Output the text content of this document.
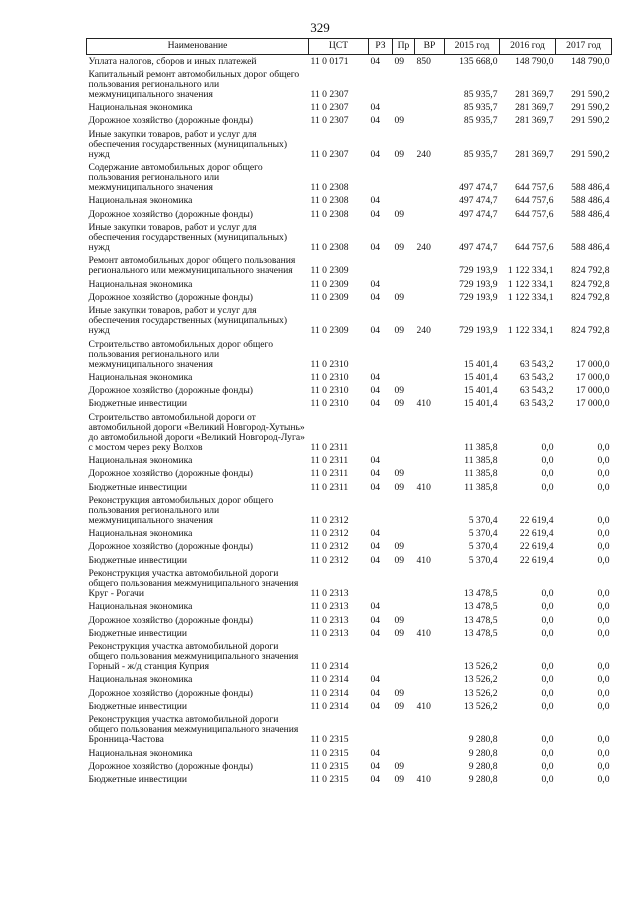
329
Наименование	ЦСТ	РЗ	Пр	ВР	2015 год	2016 год	2017 год
Уплата налогов, сборов и иных платежей	11 0 0171	04	09	850	135 668,0	148 790,0	148 790,0
Капитальный ремонт автомобильных дорог общего пользования регионального или межмуниципального значения	11 0 2307				85 935,7	281 369,7	291 590,2
Национальная экономика	11 0 2307	04			85 935,7	281 369,7	291 590,2
Дорожное хозяйство (дорожные фонды)	11 0 2307	04	09		85 935,7	281 369,7	291 590,2
Иные закупки товаров, работ и услуг для обеспечения государственных (муниципальных) нужд	11 0 2307	04	09	240	85 935,7	281 369,7	291 590,2
Содержание автомобильных дорог общего пользования регионального или межмуниципального значения	11 0 2308				497 474,7	644 757,6	588 486,4
Национальная экономика	11 0 2308	04			497 474,7	644 757,6	588 486,4
Дорожное хозяйство (дорожные фонды)	11 0 2308	04	09		497 474,7	644 757,6	588 486,4
Иные закупки товаров, работ и услуг для обеспечения государственных (муниципальных) нужд	11 0 2308	04	09	240	497 474,7	644 757,6	588 486,4
Ремонт автомобильных дорог общего пользования регионального или межмуниципального значения	11 0 2309				729 193,9	1 122 334,1	824 792,8
Национальная экономика	11 0 2309	04			729 193,9	1 122 334,1	824 792,8
Дорожное хозяйство (дорожные фонды)	11 0 2309	04	09		729 193,9	1 122 334,1	824 792,8
Иные закупки товаров, работ и услуг для обеспечения государственных (муниципальных) нужд	11 0 2309	04	09	240	729 193,9	1 122 334,1	824 792,8
Строительство автомобильных дорог общего пользования регионального или межмуниципального значения	11 0 2310				15 401,4	63 543,2	17 000,0
Национальная экономика	11 0 2310	04			15 401,4	63 543,2	17 000,0
Дорожное хозяйство (дорожные фонды)	11 0 2310	04	09		15 401,4	63 543,2	17 000,0
Бюджетные инвестиции	11 0 2310	04	09	410	15 401,4	63 543,2	17 000,0
Строительство автомобильной дороги от автомобильной дороги «Великий Новгород-Хутынь» до автомобильной дороги «Великий Новгород-Луга» с мостом через реку Волхов	11 0 2311				11 385,8	0,0	0,0
Национальная экономика	11 0 2311	04			11 385,8	0,0	0,0
Дорожное хозяйство (дорожные фонды)	11 0 2311	04	09		11 385,8	0,0	0,0
Бюджетные инвестиции	11 0 2311	04	09	410	11 385,8	0,0	0,0
Реконструкция автомобильных дорог общего пользования регионального или межмуниципального значения	11 0 2312				5 370,4	22 619,4	0,0
Национальная экономика	11 0 2312	04			5 370,4	22 619,4	0,0
Дорожное хозяйство (дорожные фонды)	11 0 2312	04	09		5 370,4	22 619,4	0,0
Бюджетные инвестиции	11 0 2312	04	09	410	5 370,4	22 619,4	0,0
Реконструкция участка автомобильной дороги общего пользования межмуниципального значения Круг - Рогачи	11 0 2313				13 478,5	0,0	0,0
Национальная экономика	11 0 2313	04			13 478,5	0,0	0,0
Дорожное хозяйство (дорожные фонды)	11 0 2313	04	09		13 478,5	0,0	0,0
Бюджетные инвестиции	11 0 2313	04	09	410	13 478,5	0,0	0,0
Реконструкция участка автомобильной дороги общего пользования межмуниципального значения Горный - ж/д станция Куприя	11 0 2314				13 526,2	0,0	0,0
Национальная экономика	11 0 2314	04			13 526,2	0,0	0,0
Дорожное хозяйство (дорожные фонды)	11 0 2314	04	09		13 526,2	0,0	0,0
Бюджетные инвестиции	11 0 2314	04	09	410	13 526,2	0,0	0,0
Реконструкция участка автомобильной дороги общего пользования межмуниципального значения Бронница-Частова	11 0 2315				9 280,8	0,0	0,0
Национальная экономика	11 0 2315	04			9 280,8	0,0	0,0
Дорожное хозяйство (дорожные фонды)	11 0 2315	04	09		9 280,8	0,0	0,0
Бюджетные инвестиции	11 0 2315	04	09	410	9 280,8	0,0	0,0
